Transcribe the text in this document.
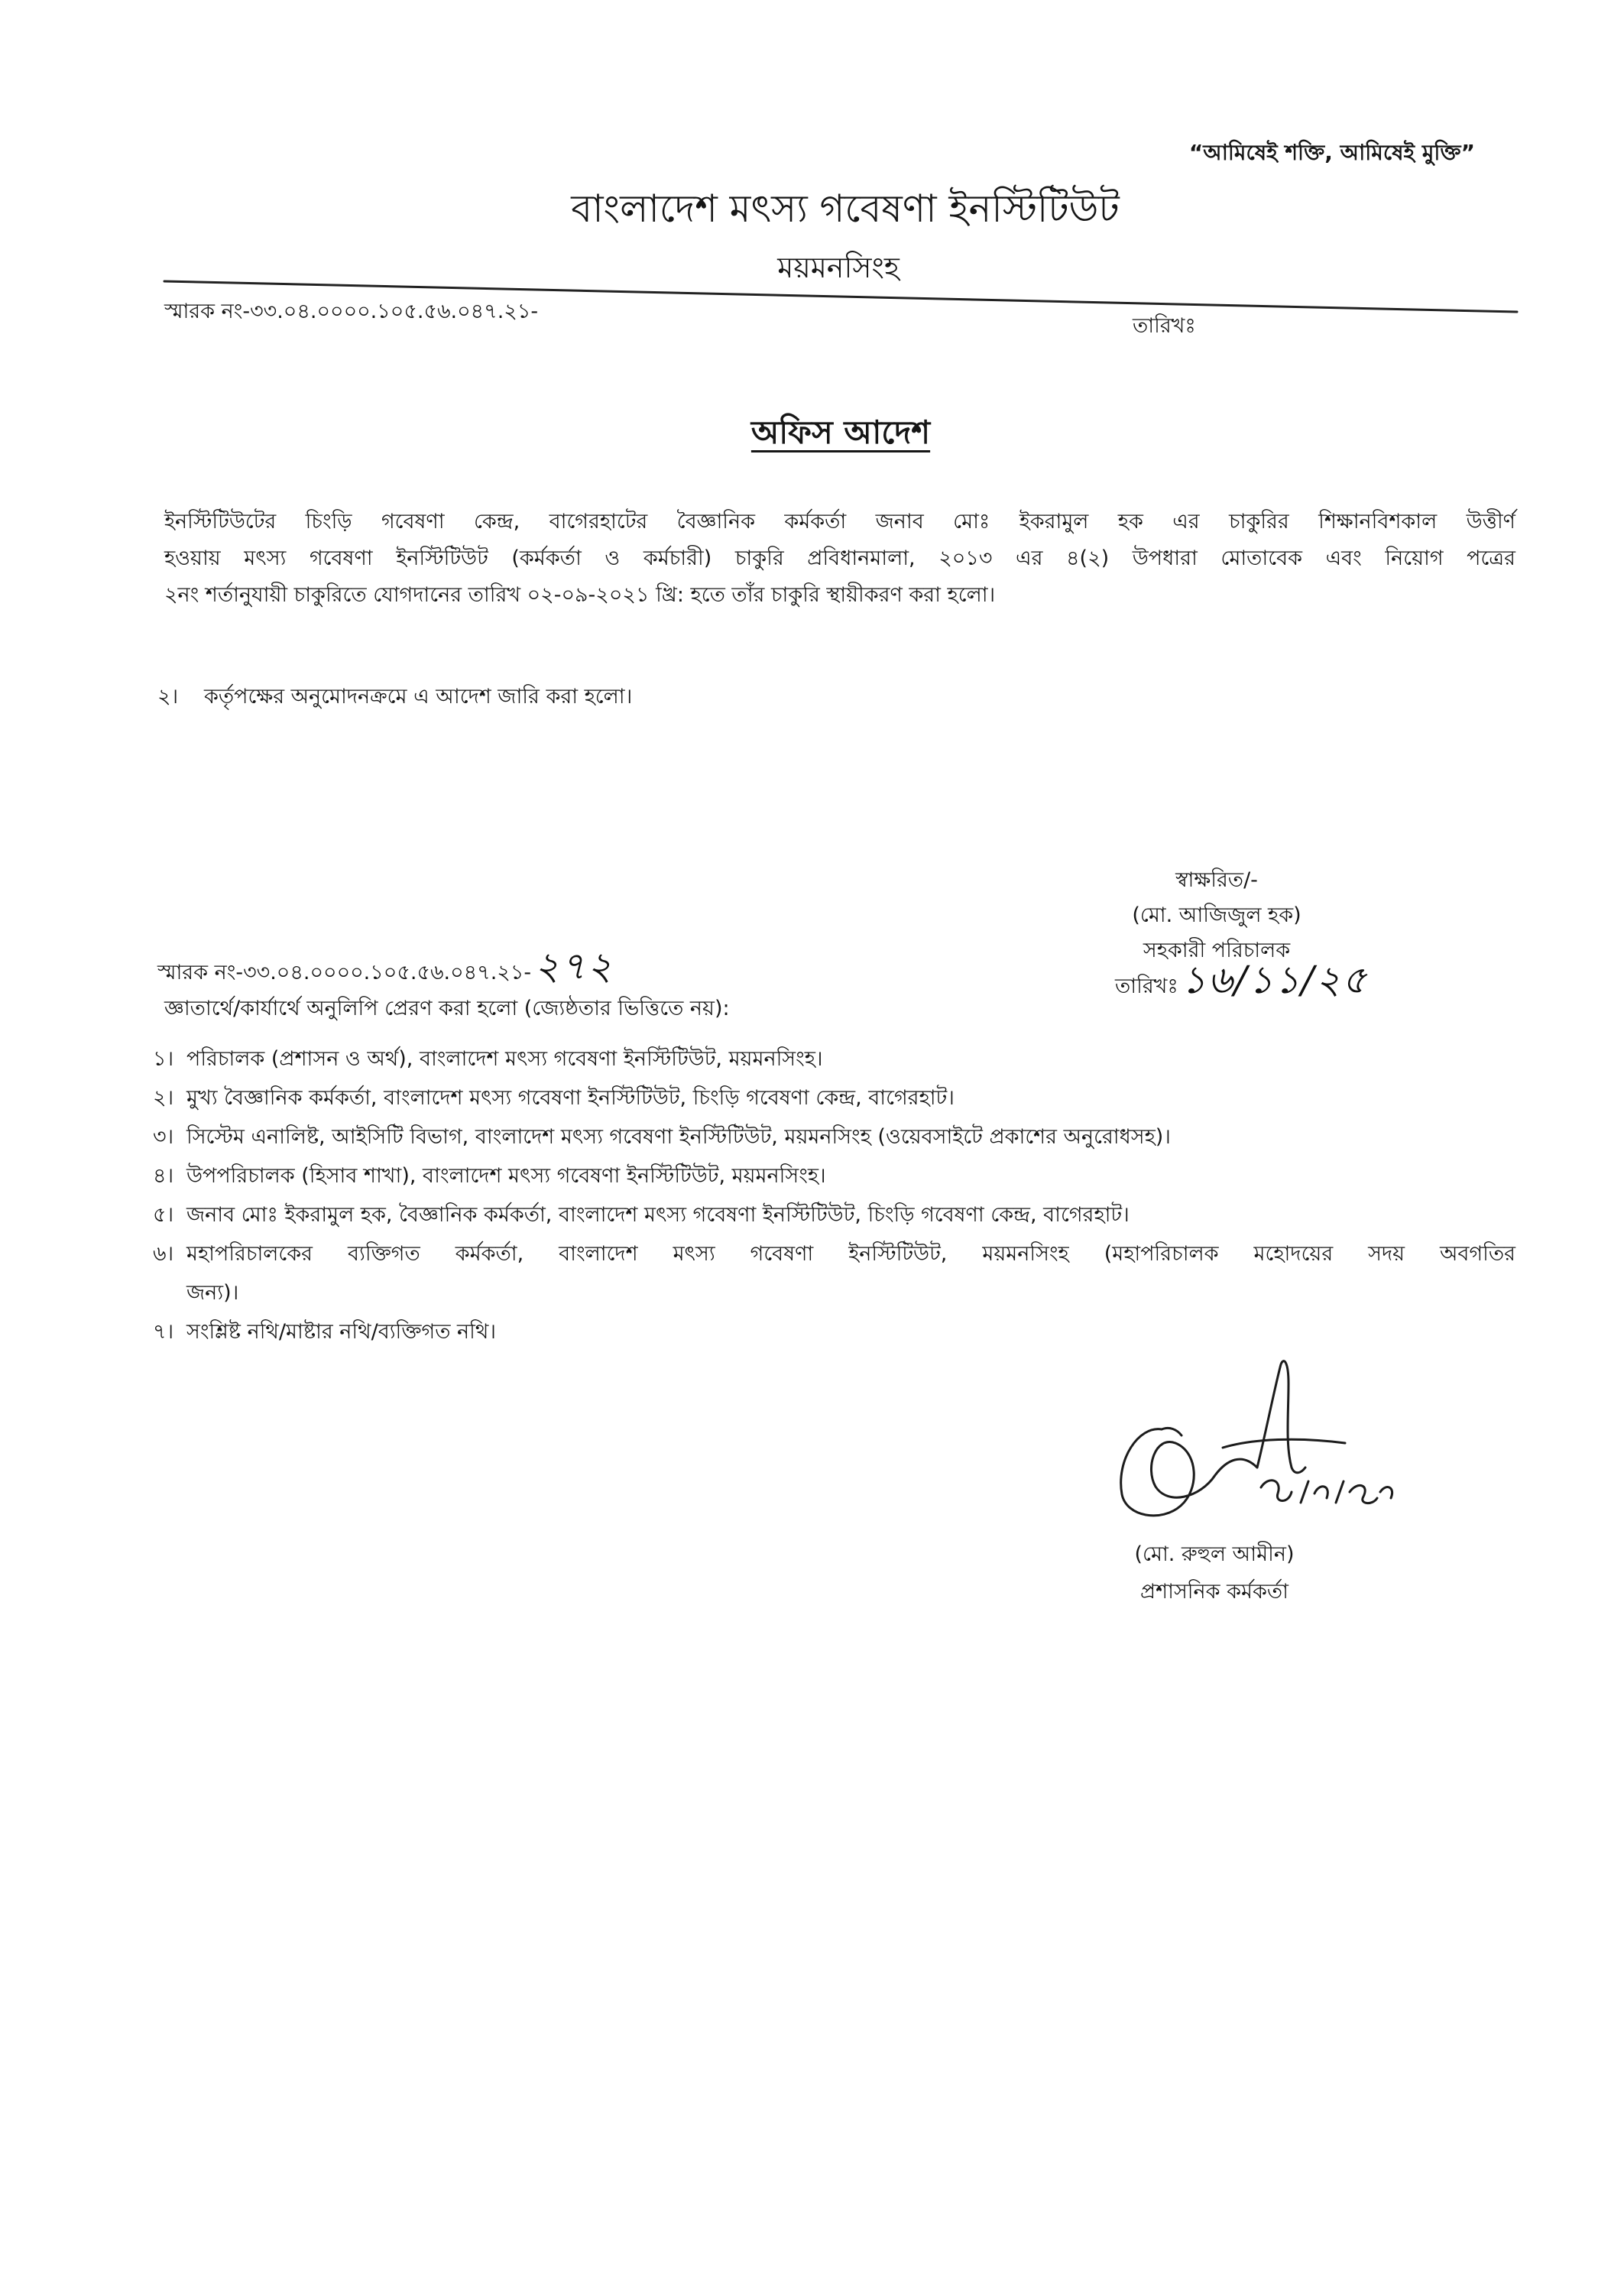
“আমিষেই শক্তি, আমিষেই মুক্তি”
বাংলাদেশ মৎস্য গবেষণা ইনস্টিটিউট
ময়মনসিংহ
স্মারক নং-৩৩.০৪.০০০০.১০৫.৫৬.০৪৭.২১-
তারিখঃ
অফিস আদেশ
ইনস্টিটিউটের চিংড়ি গবেষণা কেন্দ্র, বাগেরহাটের বৈজ্ঞানিক কর্মকর্তা জনাব মোঃ ইকরামুল হক এর চাকুরির শিক্ষানবিশকাল উত্তীর্ণ
হওয়ায় মৎস্য গবেষণা ইনস্টিটিউট (কর্মকর্তা ও কর্মচারী) চাকুরি প্রবিধানমালা, ২০১৩ এর ৪(২) উপধারা মোতাবেক এবং নিয়োগ পত্রের
২নং শর্তানুযায়ী চাকুরিতে যোগদানের তারিখ ০২-০৯-২০২১ খ্রি: হতে তাঁর চাকুরি স্থায়ীকরণ করা হলো।
২।	কর্তৃপক্ষের অনুমোদনক্রমে এ আদেশ জারি করা হলো।
স্বাক্ষরিত/-
(মো. আজিজুল হক)
সহকারী পরিচালক
স্মারক নং-৩৩.০৪.০০০০.১০৫.৫৬.০৪৭.২১- ২৭২	তারিখঃ ১৬/১১/২৫
জ্ঞাতার্থে/কার্যার্থে অনুলিপি প্রেরণ করা হলো (জ্যেষ্ঠতার ভিত্তিতে নয়):
১। পরিচালক (প্রশাসন ও অর্থ), বাংলাদেশ মৎস্য গবেষণা ইনস্টিটিউট, ময়মনসিংহ।
২। মুখ্য বৈজ্ঞানিক কর্মকর্তা, বাংলাদেশ মৎস্য গবেষণা ইনস্টিটিউট, চিংড়ি গবেষণা কেন্দ্র, বাগেরহাট।
৩। সিস্টেম এনালিষ্ট, আইসিটি বিভাগ, বাংলাদেশ মৎস্য গবেষণা ইনস্টিটিউট, ময়মনসিংহ (ওয়েবসাইটে প্রকাশের অনুরোধসহ)।
৪। উপপরিচালক (হিসাব শাখা), বাংলাদেশ মৎস্য গবেষণা ইনস্টিটিউট, ময়মনসিংহ।
৫। জনাব মোঃ ইকরামুল হক, বৈজ্ঞানিক কর্মকর্তা, বাংলাদেশ মৎস্য গবেষণা ইনস্টিটিউট, চিংড়ি গবেষণা কেন্দ্র, বাগেরহাট।
৬। মহাপরিচালকের ব্যক্তিগত কর্মকর্তা, বাংলাদেশ মৎস্য গবেষণা ইনস্টিটিউট, ময়মনসিংহ (মহাপরিচালক মহোদয়ের সদয় অবগতির
জন্য)।
৭। সংশ্লিষ্ট নথি/মাষ্টার নথি/ব্যক্তিগত নথি।
(মো. রুহুল আমীন)
প্রশাসনিক কর্মকর্তা
